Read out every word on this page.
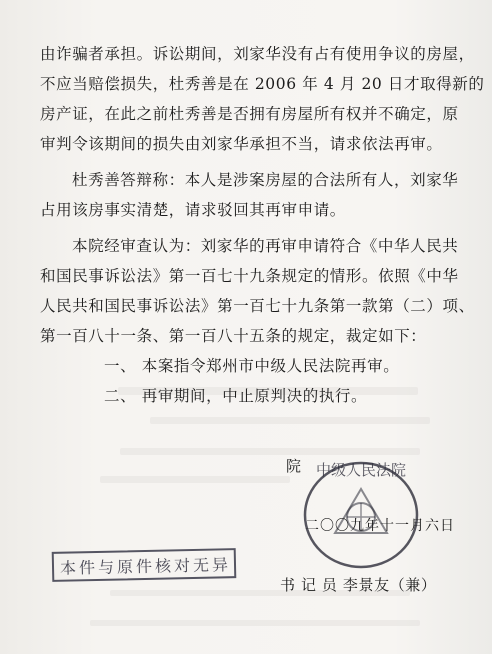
由诈骗者承担。诉讼期间，刘家华没有占有使用争议的房屋，
不应当赔偿损失，杜秀善是在 2006 年 4 月 20 日才取得新的
房产证，在此之前杜秀善是否拥有房屋所有权并不确定，原
审判令该期间的损失由刘家华承担不当，请求依法再审。
杜秀善答辩称：本人是涉案房屋的合法所有人，刘家华
占用该房事实清楚，请求驳回其再审申请。
本院经审查认为：刘家华的再审申请符合《中华人民共
和国民事诉讼法》第一百七十九条规定的情形。依照《中华
人民共和国民事诉讼法》第一百七十九条第一款第（二）项、
第一百八十一条、第一百八十五条的规定，裁定如下：
一、 本案指令郑州市中级人民法院再审。
二、 再审期间，中止原判决的执行。
中级人民法院
院
二〇〇九年十一月六日
本件与原件核对无异
书 记 员 李景友（兼）
